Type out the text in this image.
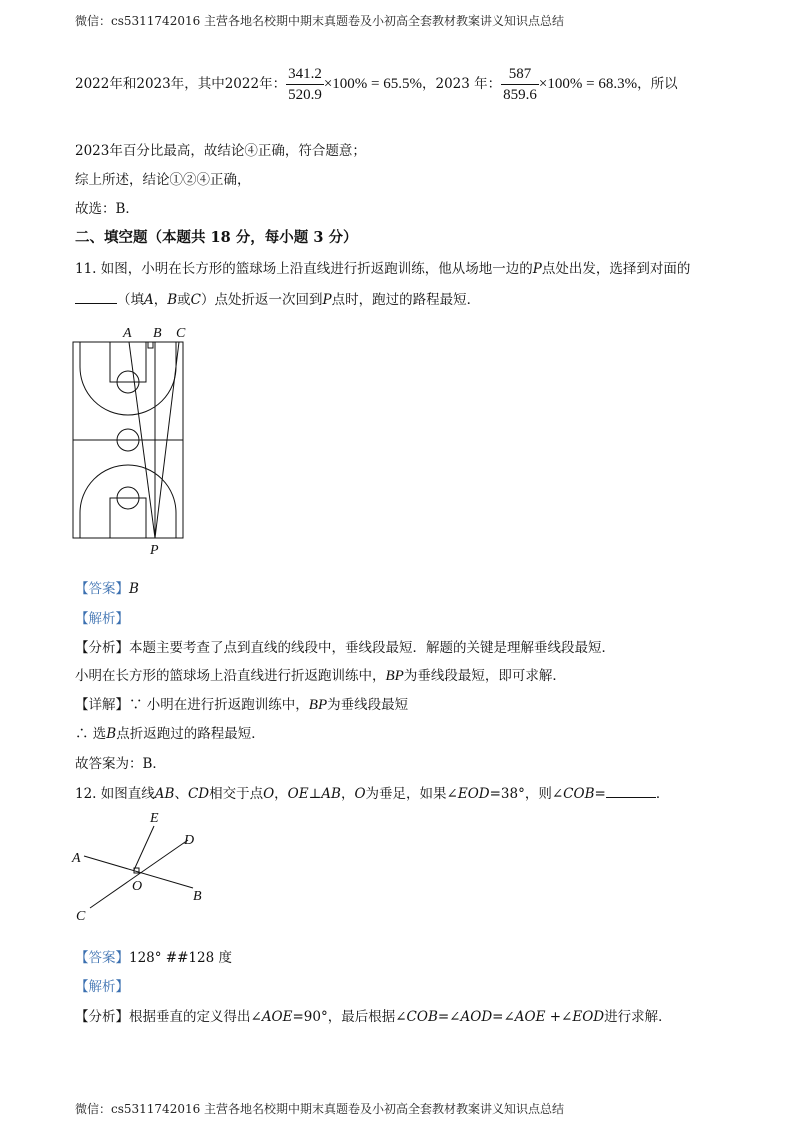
微信：cs5311742016 主营各地名校期中期末真题卷及小初高全套教材教案讲义知识点总结
2022年和2023年，其中2022年： $\frac{341.2}{520.9} \times 100\% = 65.5\%$，2023 年： $\frac{587}{859.6} \times 100\% = 68.3\%$，所以
2023年百分比最高，故结论④正确，符合题意；
综上所述，结论①②④正确，
故选：B．
二、填空题（本题共 18 分，每小题 3 分）
11. 如图，小明在长方形的篮球场上沿直线进行折返跑训练，他从场地一边的P点处出发，选择到对面的
（填A，B或C）点处折返一次回到P点时，跑过的路程最短．
A B C
P
【答案】B
【解析】
【分析】本题主要考查了点到直线的线段中，垂线段最短．解题的关键是理解垂线段最短．
小明在长方形的篮球场上沿直线进行折返跑训练中，BP为垂线段最短，即可求解．
【详解】∵ 小明在进行折返跑训练中，BP为垂线段最短
∴ 选B点折返跑过的路程最短．
故答案为：B．
12. 如图直线AB、CD相交于点O，OE⊥AB，O为垂足，如果∠EOD=38°，则∠COB=	．
E
D
A
O
B
C
【答案】128° ##128 度
【解析】
【分析】根据垂直的定义得出∠AOE=90°，最后根据∠COB=∠AOD=∠AOE +∠EOD进行求解．
微信：cs5311742016 主营各地名校期中期末真题卷及小初高全套教材教案讲义知识点总结
